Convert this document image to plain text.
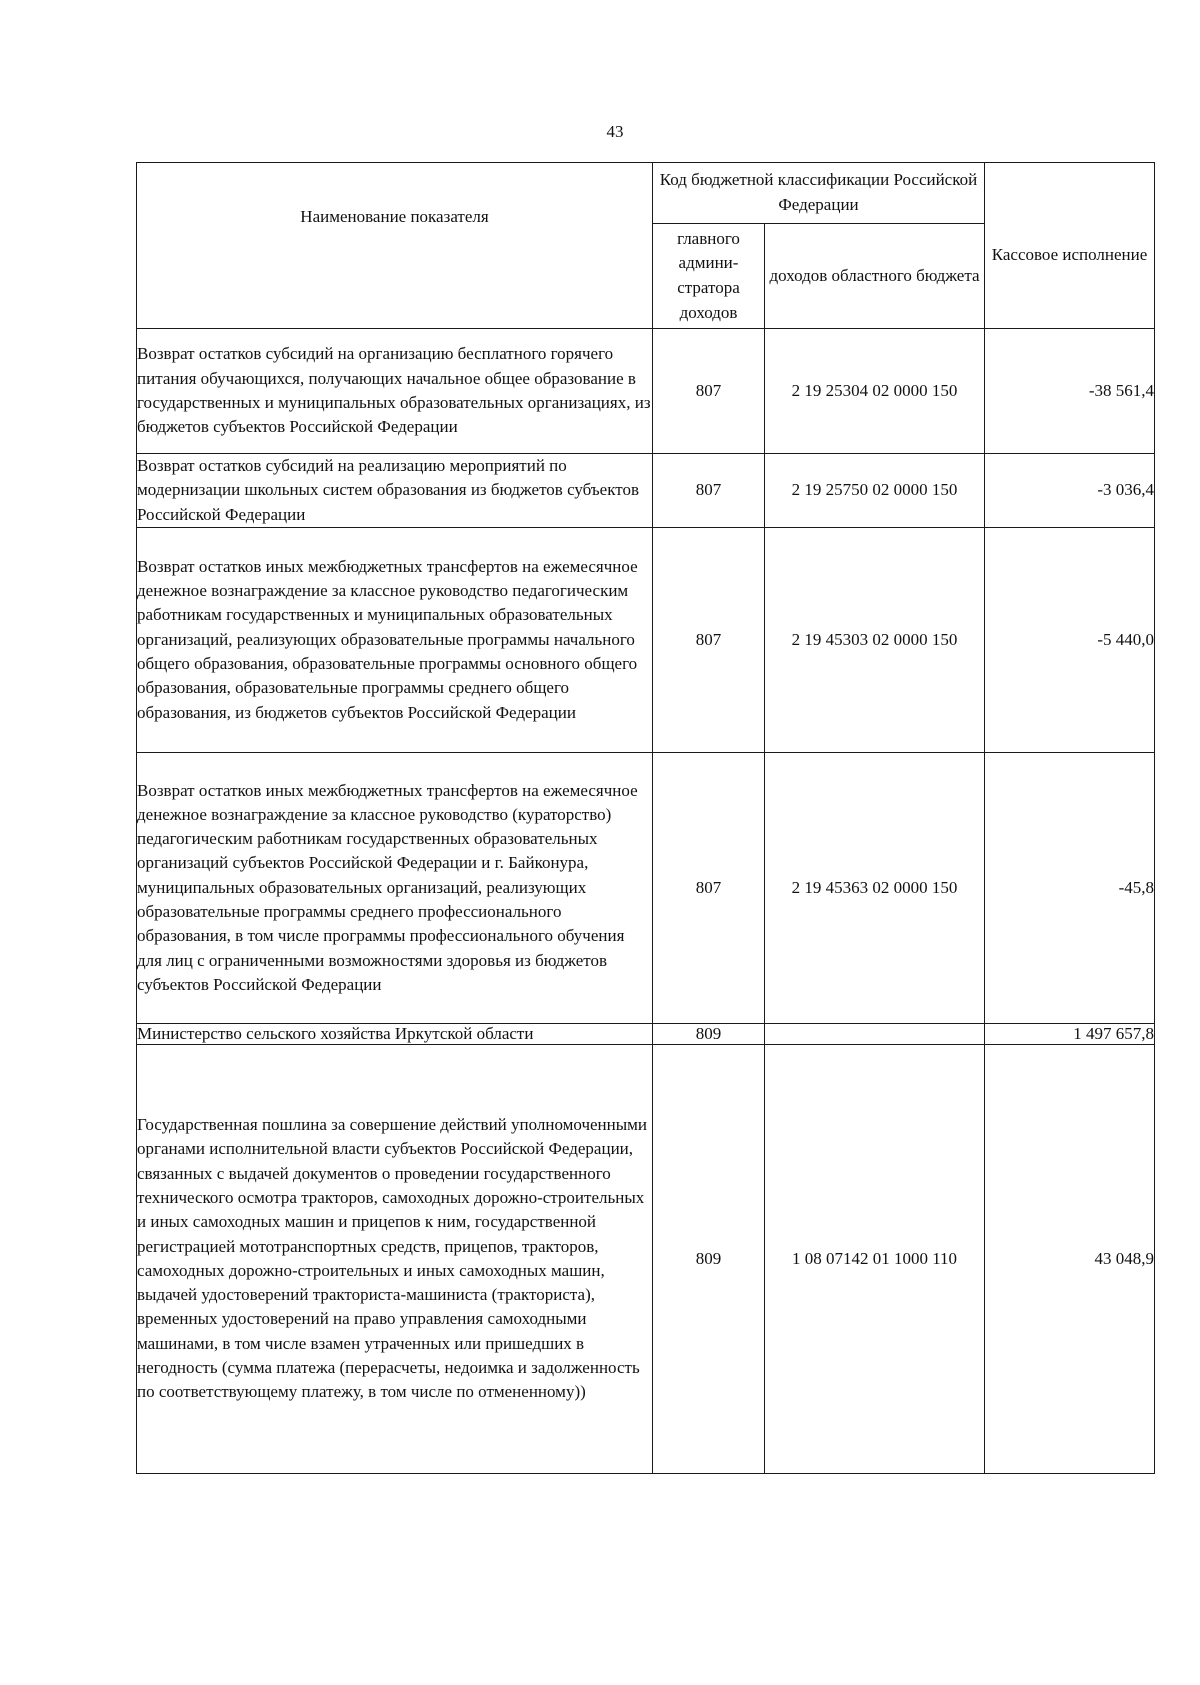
43
Наименование показателя	Код бюджетной классификации Российской Федерации		Кассовое исполнение
	главного админи- стратора доходов	доходов областного бюджета	
Возврат остатков субсидий на организацию бесплатного горячего питания обучающихся, получающих начальное общее образование в государственных и муниципальных образовательных организациях, из бюджетов субъектов Российской Федерации	807	2 19 25304 02 0000 150	-38 561,4
Возврат остатков субсидий на реализацию мероприятий по модернизации школьных систем образования из бюджетов субъектов Российской Федерации	807	2 19 25750 02 0000 150	-3 036,4
Возврат остатков иных межбюджетных трансфертов на ежемесячное денежное вознаграждение за классное руководство педагогическим работникам государственных и муниципальных образовательных организаций, реализующих образовательные программы начального общего образования, образовательные программы основного общего образования, образовательные программы среднего общего образования, из бюджетов субъектов Российской Федерации	807	2 19 45303 02 0000 150	-5 440,0
Возврат остатков иных межбюджетных трансфертов на ежемесячное денежное вознаграждение за классное руководство (кураторство) педагогическим работникам государственных образовательных организаций субъектов Российской Федерации и г. Байконура, муниципальных образовательных организаций, реализующих образовательные программы среднего профессионального образования, в том числе программы профессионального обучения для лиц с ограниченными возможностями здоровья из бюджетов субъектов Российской Федерации	807	2 19 45363 02 0000 150	-45,8
Министерство сельского хозяйства Иркутской области	809		1 497 657,8
Государственная пошлина за совершение действий уполномоченными органами исполнительной власти субъектов Российской Федерации, связанных с выдачей документов о проведении государственного технического осмотра тракторов, самоходных дорожно-строительных и иных самоходных машин и прицепов к ним, государственной регистрацией мототранспортных средств, прицепов, тракторов, самоходных дорожно-строительных и иных самоходных машин, выдачей удостоверений тракториста-машиниста (тракториста), временных удостоверений на право управления самоходными машинами, в том числе взамен утраченных или пришедших в негодность (сумма платежа (перерасчеты, недоимка и задолженность по соответствующему платежу, в том числе по отмененному))	809	1 08 07142 01 1000 110	43 048,9
